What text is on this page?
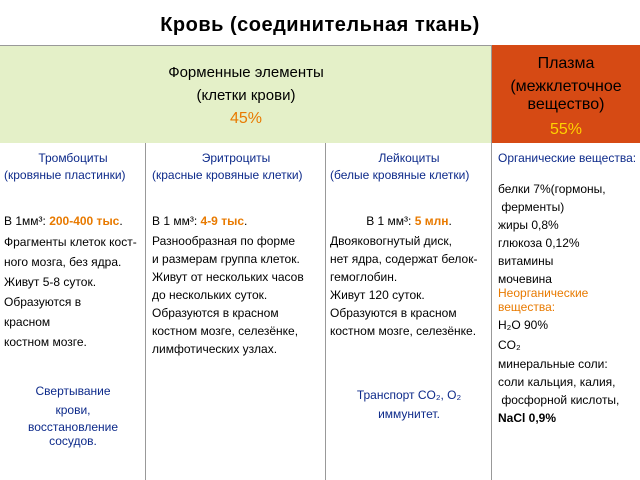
Кровь (соединительная ткань)
Форменные элементы
(клетки крови)
45%
Плазма
(межклеточное вещество)
55%
Тромбоциты
(кровяные пластинки)
В 1мм³: 200-400 тыс.
Фрагменты клеток кост-
ного мозга, без ядра.
Живут 5-8 суток.
Образуются в
красном
костном мозге.
Свертывание
крови,
восстановление
сосудов.
Эритроциты
(красные кровяные клетки)
В 1 мм³: 4-9 тыс.
Разнообразная по форме
и размерам группа клеток.
Живут от нескольких часов
до нескольких суток.
Образуются в красном
костном мозге, селезёнке,
лимфотических узлах.
Лейкоциты
(белые кровяные клетки)
В 1 мм³: 5 млн.
Двояковогнутый диск,
нет ядра, содержат белок-
гемоглобин.
Живут 120 суток.
Образуются в красном
костном мозге, селезёнке.
Транспорт CO₂, O₂
иммунитет.
Органические вещества:
белки 7%(гормоны,
ферменты)
жиры 0,8%
глюкоза 0,12%
витамины
мочевина
Неорганические вещества:
H₂O 90%
CO₂
минеральные соли:
соли кальция, калия,
фосфорной кислоты,
NaCl 0,9%
